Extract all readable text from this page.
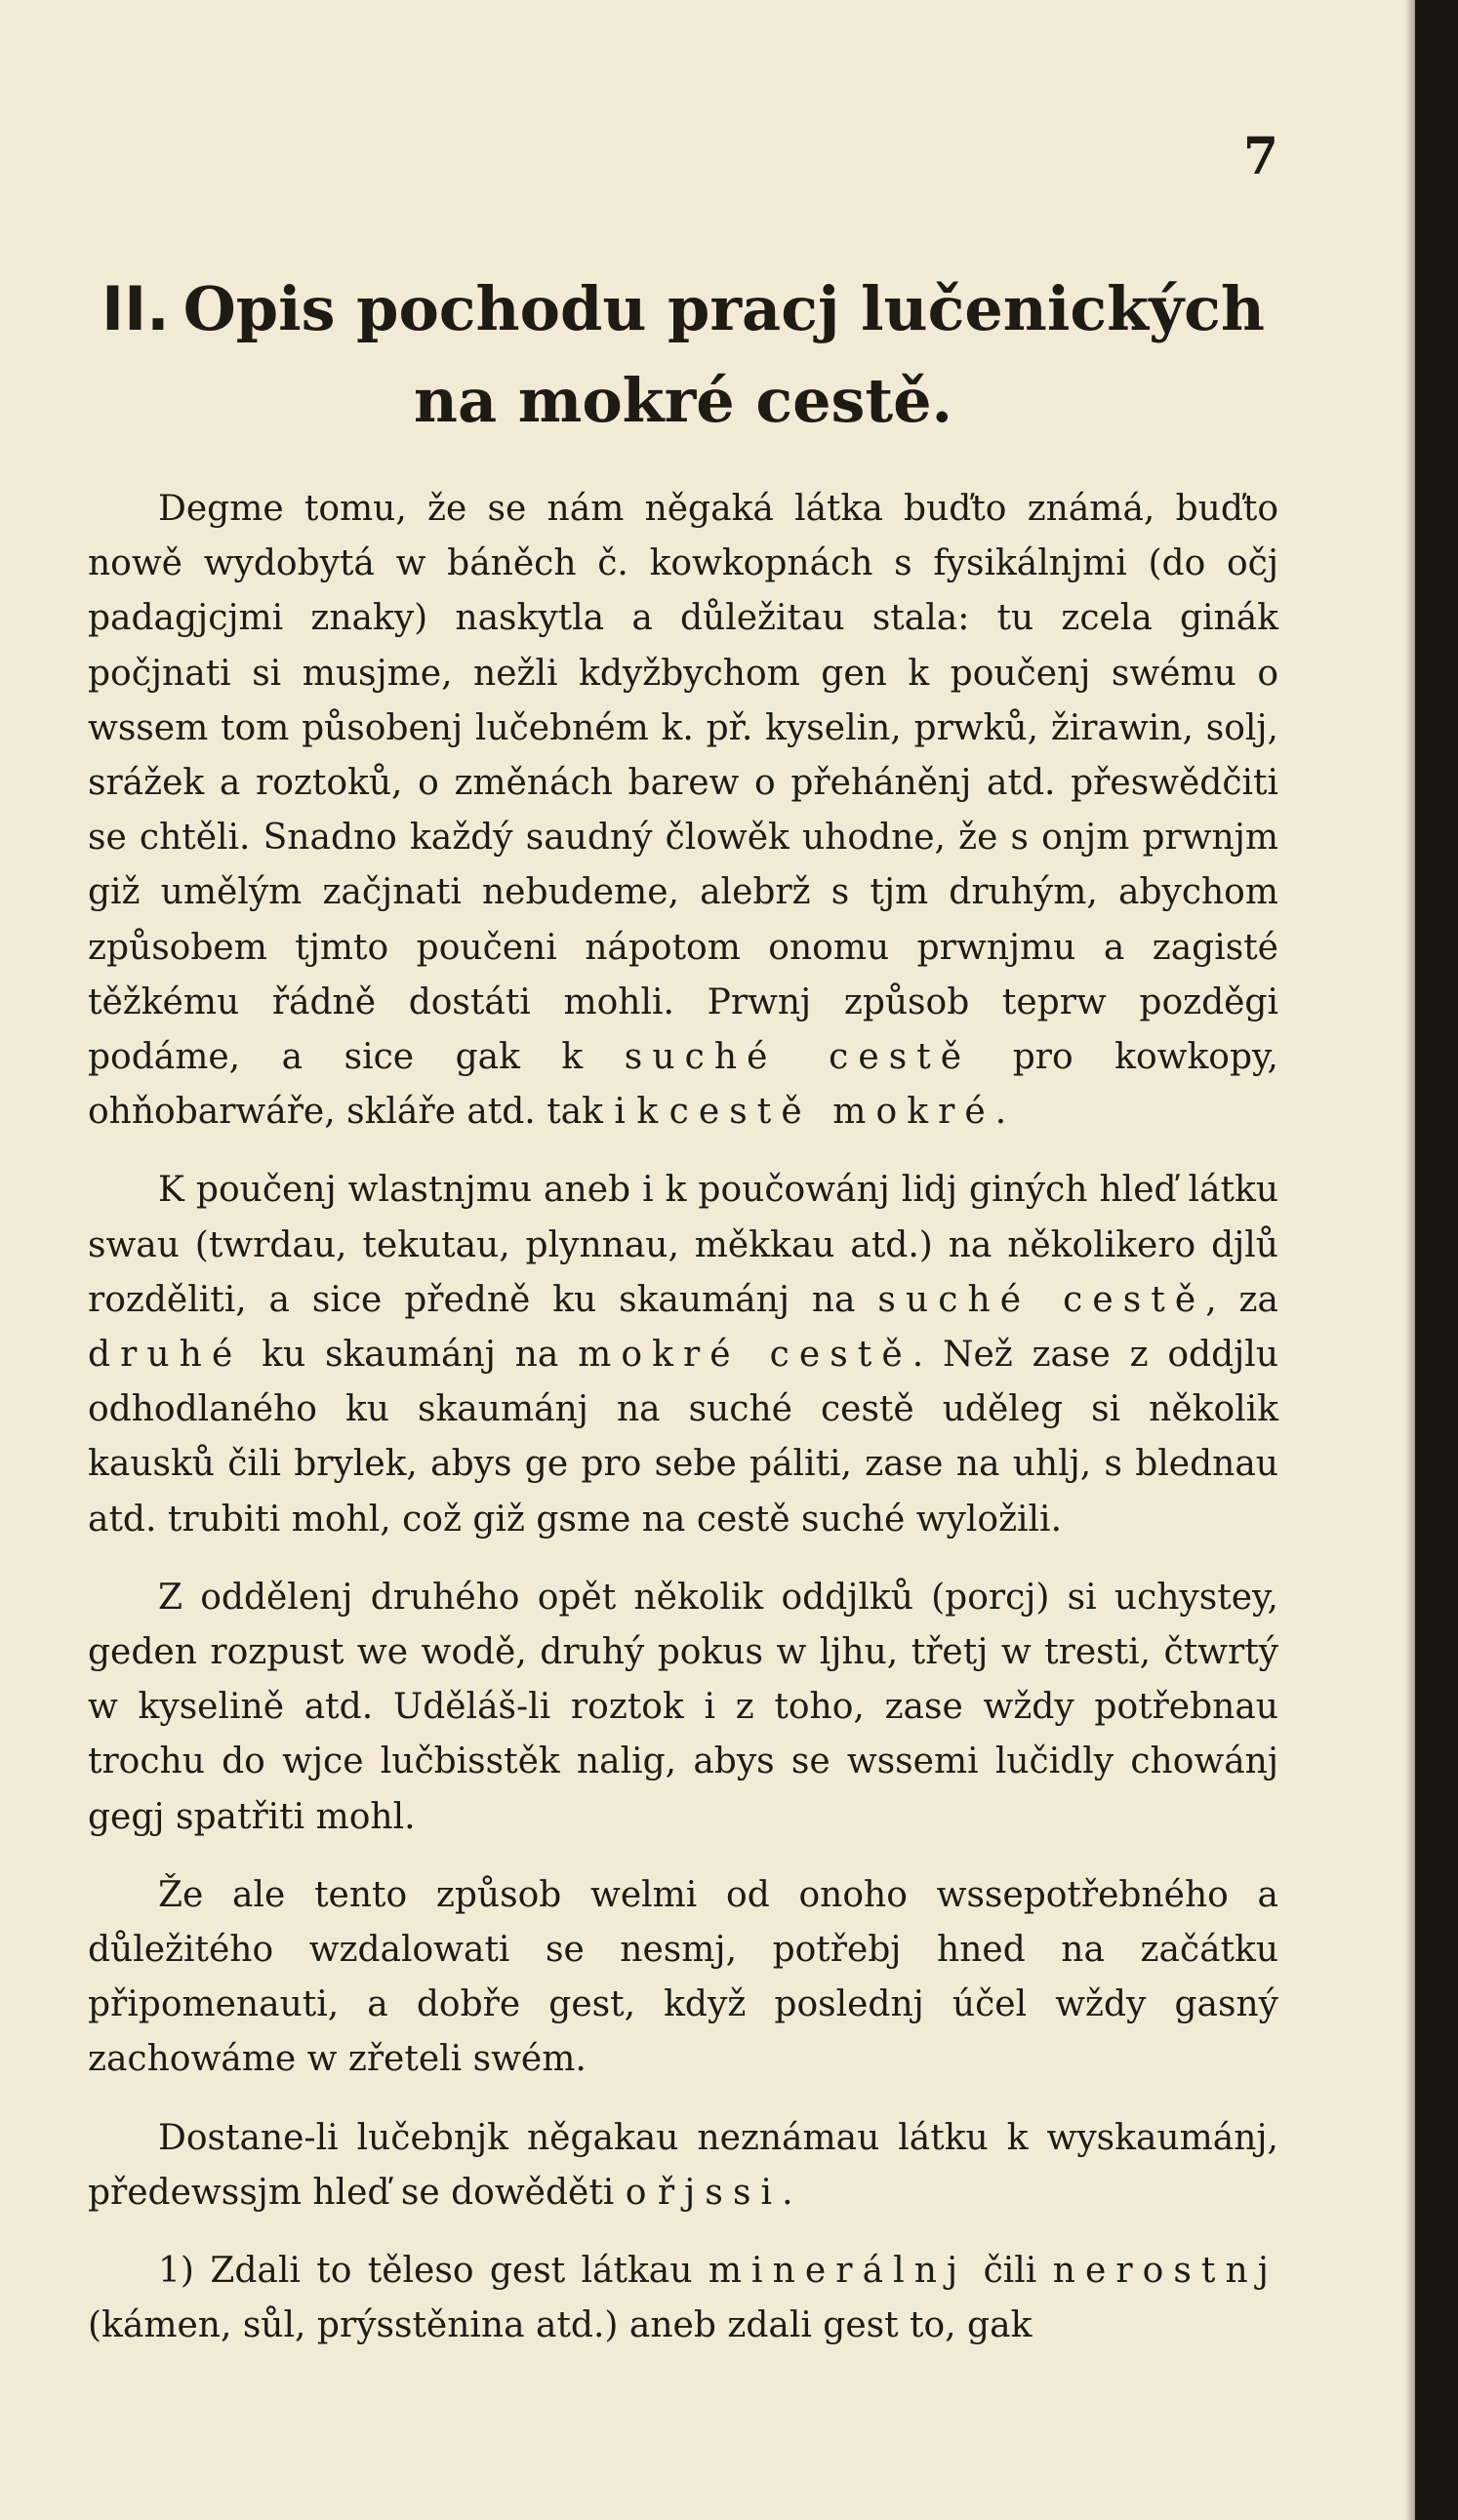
7
II. Opis pochodu pracj lučenických na mokré cestě.

Degme tomu, že se nám něgaká látka buďto známá, buďto nowě wydobytá w báněch č. kowkopnách s fysikálnjmi (do očj padagjcjmi znaky) naskytla a důležitau stala: tu zcela ginák počjnati si musjme, nežli kdyžbychom gen k poučenj swému o wssem tom působenj lučebném k. př. kyselin, prwků, žirawin, solj, srážek a roztoků, o změnách barew o přeháněnj atd. přeswědčiti se chtěli. Snadno každý saudný člowěk uhodne, že s onjm prwnjm giž umělým začjnati nebudeme, alebrž s tjm druhým, abychom způsobem tjmto poučeni nápotom onomu prwnjmu a zagisté těžkému řádně dostáti mohli. Prwnj způsob teprw pozděgi podáme, a sice gak k suché cestě pro kowkopy, ohňobarwáře, skláře atd. tak i k cestě mokré.

K poučenj wlastnjmu aneb i k poučowánj lidj giných hleď látku swau (twrdau, tekutau, plynnau, měkkau atd.) na několikero djlů rozděliti, a sice předně ku skaumánj na suché cestě, za druhé ku skaumánj na mokré cestě. Než zase z oddjlu odhodlaného ku skaumánj na suché cestě uděleg si několik kausků čili brylek, abys ge pro sebe páliti, zase na uhlj, s blednau atd. trubiti mohl, což giž gsme na cestě suché wyložili.

Z oddělenj druhého opět několik oddjlků (porcj) si uchystey, geden rozpust we wodě, druhý pokus w ljhu, třetj w tresti, čtwrtý w kyselině atd. Uděláš-li roztok i z toho, zase wždy potřebnau trochu do wjce lučbisstěk nalig, abys se wssemi lučidly chowánj gegj spatřiti mohl.

Že ale tento způsob welmi od onoho wssepotřebného a důležitého wzdalowati se nesmj, potřebj hned na začátku připomenauti, a dobře gest, když poslednj účel wždy gasný zachowáme w zřeteli swém.

Dostane-li lučebnjk něgakau neznámau látku k wyskaumánj, předewssjm hleď se dowěděti o řjssi.

1) Zdali to těleso gest látkau minerálnj čili nerostnj (kámen, sůl, prýsstěnina atd.) aneb zdali gest to, gak
